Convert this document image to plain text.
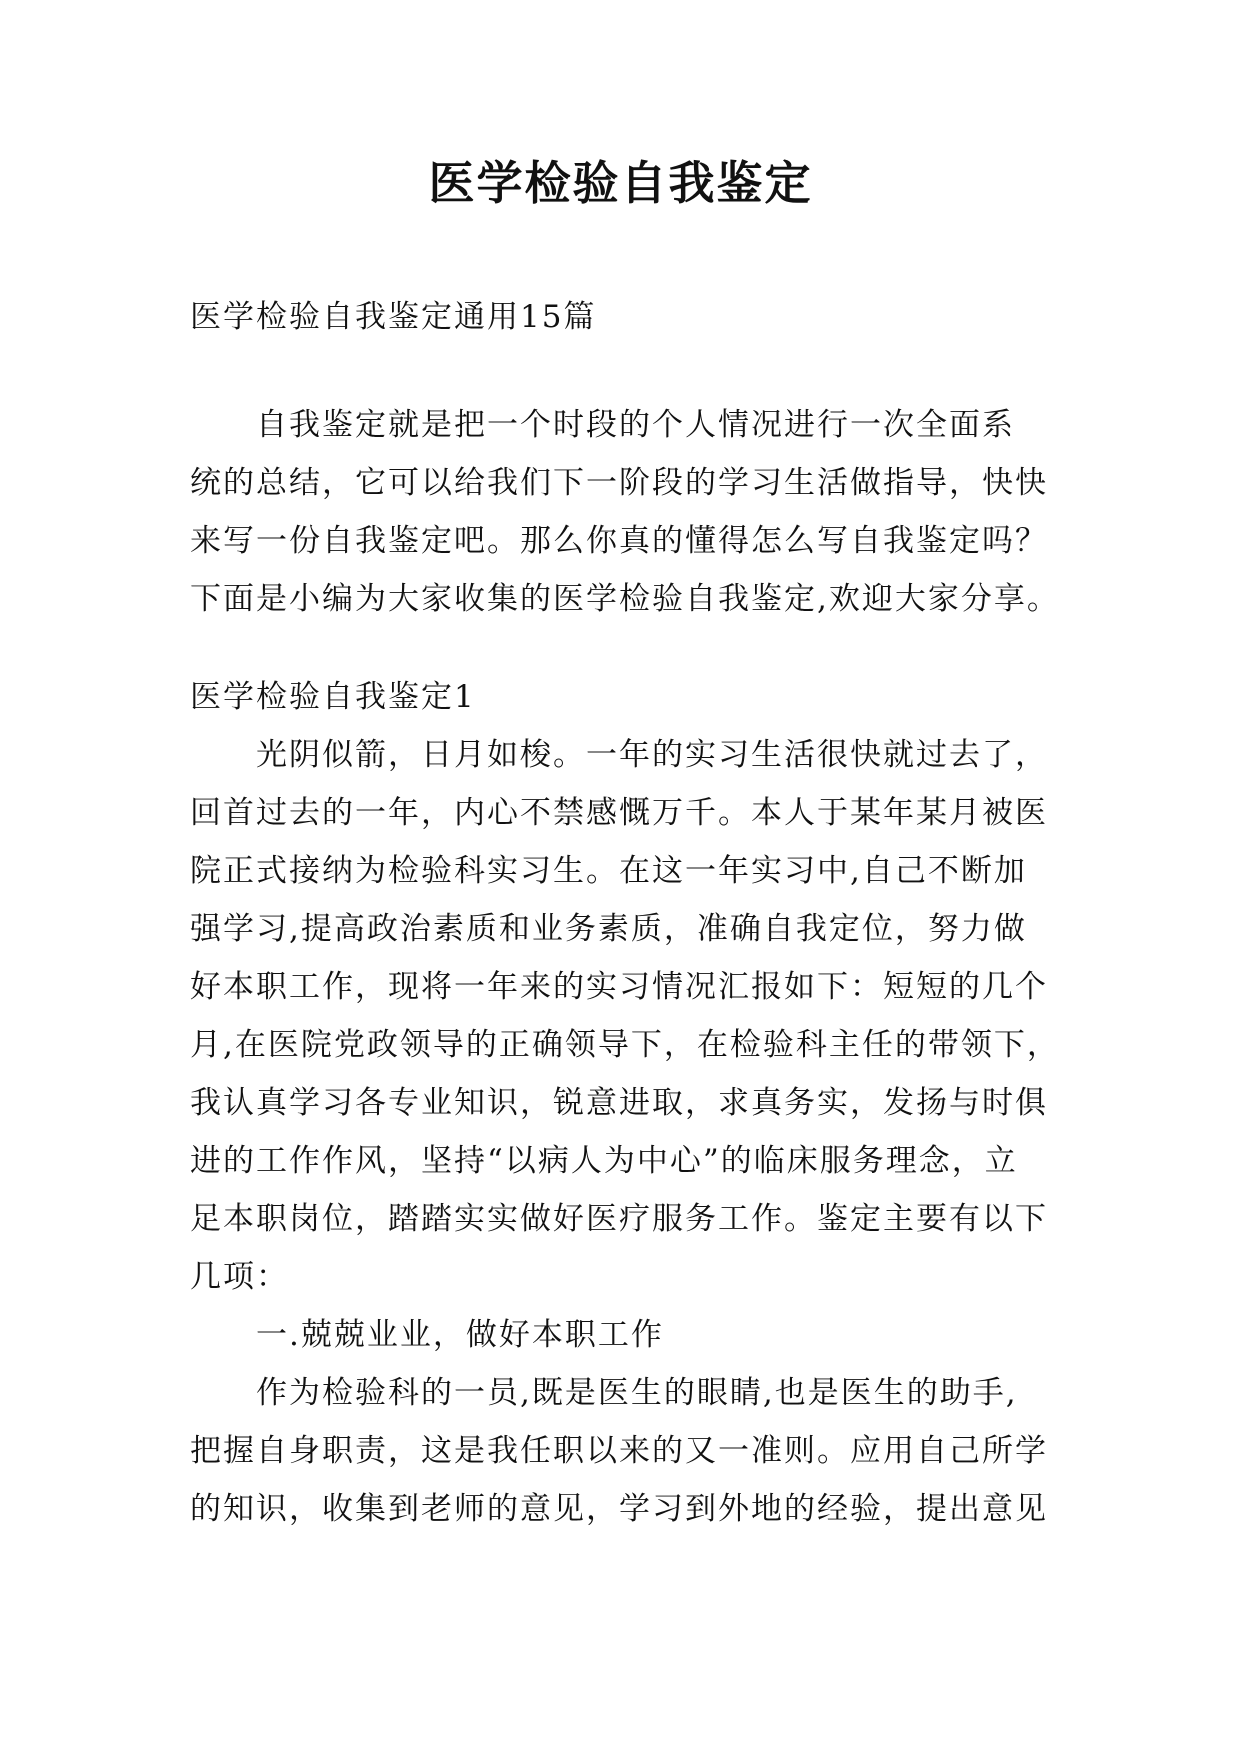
医学检验自我鉴定
医学检验自我鉴定通用15篇
自我鉴定就是把一个时段的个人情况进行一次全面系
统的总结，它可以给我们下一阶段的学习生活做指导，快快
来写一份自我鉴定吧。那么你真的懂得怎么写自我鉴定吗？
下面是小编为大家收集的医学检验自我鉴定,欢迎大家分享。
医学检验自我鉴定1
光阴似箭，日月如梭。一年的实习生活很快就过去了，
回首过去的一年，内心不禁感慨万千。本人于某年某月被医
院正式接纳为检验科实习生。在这一年实习中,自己不断加
强学习,提高政治素质和业务素质，准确自我定位，努力做
好本职工作，现将一年来的实习情况汇报如下：短短的几个
月,在医院党政领导的正确领导下，在检验科主任的带领下，
我认真学习各专业知识，锐意进取，求真务实，发扬与时俱
进的工作作风，坚持“以病人为中心”的临床服务理念，立
足本职岗位，踏踏实实做好医疗服务工作。鉴定主要有以下
几项：
一.兢兢业业，做好本职工作
作为检验科的一员,既是医生的眼睛,也是医生的助手,
把握自身职责，这是我任职以来的又一准则。应用自己所学
的知识，收集到老师的意见，学习到外地的经验，提出意见
